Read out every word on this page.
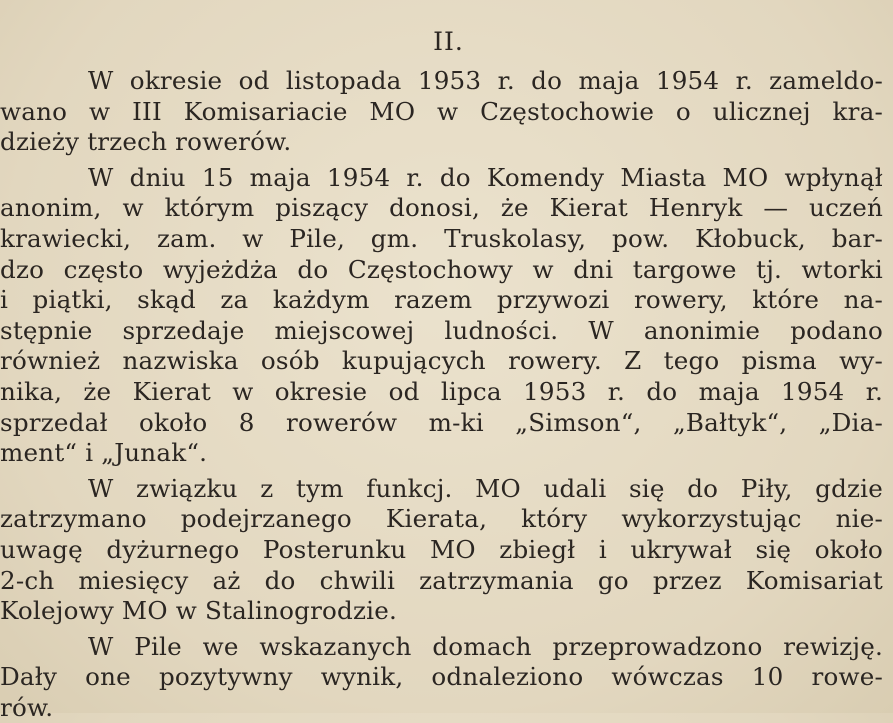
II.

W okresie od listopada 1953 r. do maja 1954 r. zameldo-
wano w III Komisariacie MO w Częstochowie o ulicznej kra-
dzieży trzech rowerów.

W dniu 15 maja 1954 r. do Komendy Miasta MO wpłynął
anonim, w którym piszący donosi, że Kierat Henryk — uczeń
krawiecki, zam. w Pile, gm. Truskolasy, pow. Kłobuck, bar-
dzo często wyjeżdża do Częstochowy w dni targowe tj. wtorki
i piątki, skąd za każdym razem przywozi rowery, które na-
stępnie sprzedaje miejscowej ludności. W anonimie podano
również nazwiska osób kupujących rowery. Z tego pisma wy-
nika, że Kierat w okresie od lipca 1953 r. do maja 1954 r.
sprzedał około 8 rowerów m-ki „Simson“, „Bałtyk“, „Dia-
ment“ i „Junak“.

W związku z tym funkcj. MO udali się do Piły, gdzie
zatrzymano podejrzanego Kierata, który wykorzystując nie-
uwagę dyżurnego Posterunku MO zbiegł i ukrywał się około
2-ch miesięcy aż do chwili zatrzymania go przez Komisariat
Kolejowy MO w Stalinogrodzie.

W Pile we wskazanych domach przeprowadzono rewizję.
Dały one pozytywny wynik, odnaleziono wówczas 10 rowe-
rów.
